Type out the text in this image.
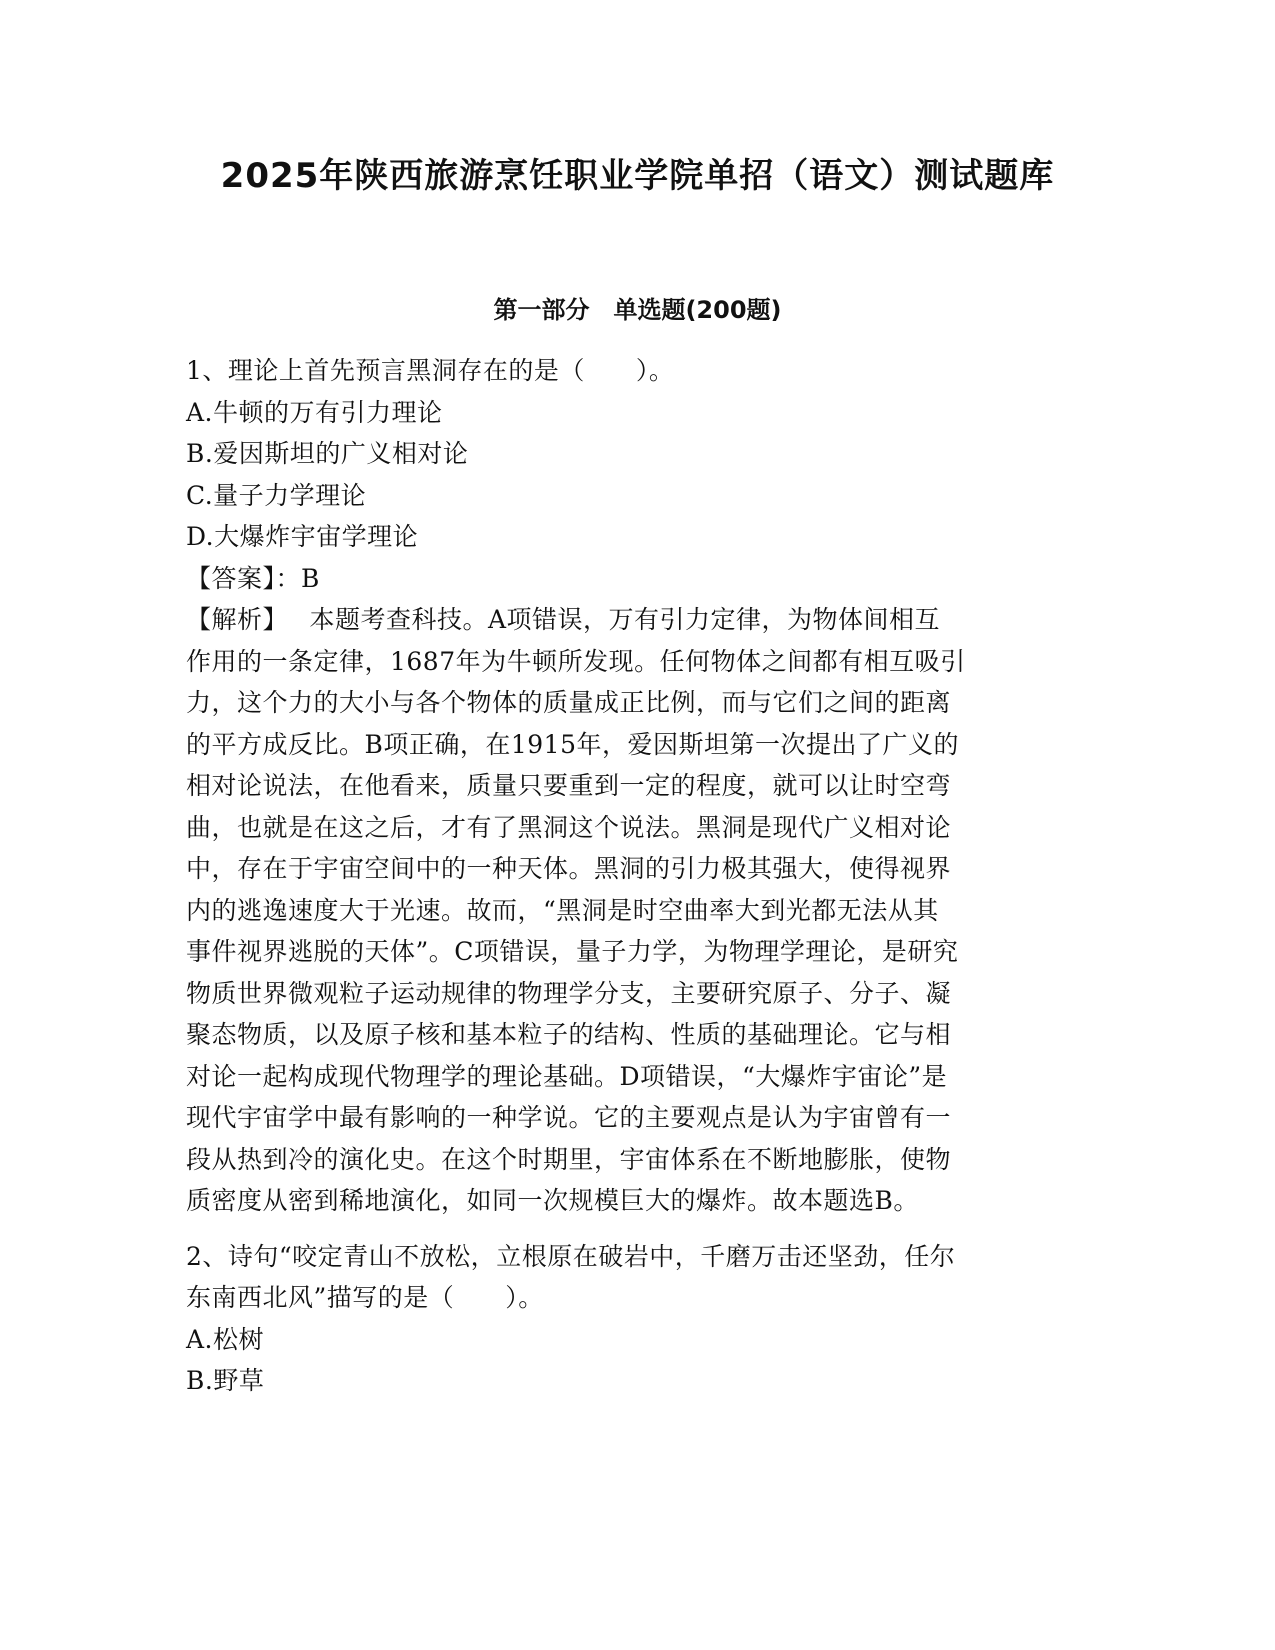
2025年陕西旅游烹饪职业学院单招（语文）测试题库
第一部分　单选题(200题)

1、理论上首先预言黑洞存在的是（　　）。

A.牛顿的万有引力理论

B.爱因斯坦的广义相对论

C.量子力学理论

D.大爆炸宇宙学理论

【答案】：B

【解析】　 本题考查科技。A项错误，万有引力定律，为物体间相互

作用的一条定律，1687年为牛顿所发现。任何物体之间都有相互吸引

力，这个力的大小与各个物体的质量成正比例，而与它们之间的距离

的平方成反比。B项正确，在1915年，爱因斯坦第一次提出了广义的

相对论说法，在他看来，质量只要重到一定的程度，就可以让时空弯

曲，也就是在这之后，才有了黑洞这个说法。黑洞是现代广义相对论

中，存在于宇宙空间中的一种天体。黑洞的引力极其强大，使得视界

内的逃逸速度大于光速。故而，“黑洞是时空曲率大到光都无法从其

事件视界逃脱的天体”。C项错误，量子力学，为物理学理论，是研究

物质世界微观粒子运动规律的物理学分支，主要研究原子、分子、凝

聚态物质，以及原子核和基本粒子的结构、性质的基础理论。它与相

对论一起构成现代物理学的理论基础。D项错误，“大爆炸宇宙论”是

现代宇宙学中最有影响的一种学说。它的主要观点是认为宇宙曾有一

段从热到冷的演化史。在这个时期里，宇宙体系在不断地膨胀，使物

质密度从密到稀地演化，如同一次规模巨大的爆炸。故本题选B。

2、诗句“咬定青山不放松，立根原在破岩中，千磨万击还坚劲，任尔

东南西北风”描写的是（　　）。

A.松树

B.野草
